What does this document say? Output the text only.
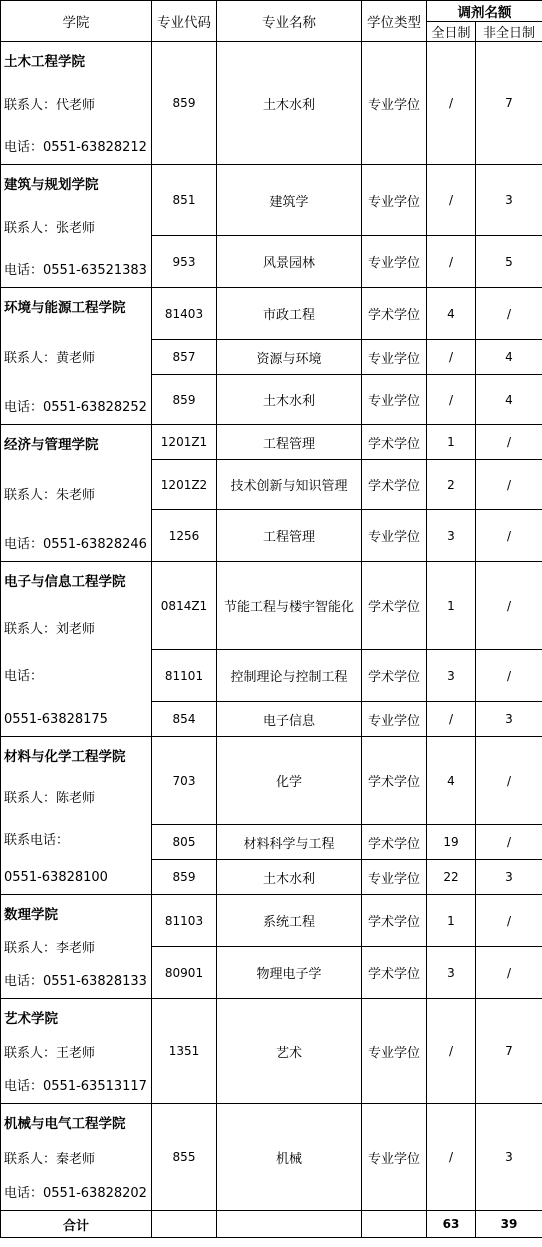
学院	专业代码	专业名称	学位类型	调剂名额	
				全日制	非全日制

土木工程学院
联系人：代老师
电话：0551-63828212	859	土木水利	专业学位	/	7

建筑与规划学院
联系人：张老师
电话：0551-63521383	851	建筑学	专业学位	/	3
	953	风景园林	专业学位	/	5

环境与能源工程学院
联系人：黄老师
电话：0551-63828252	81403	市政工程	学术学位	4	/
	857	资源与环境	专业学位	/	4
	859	土木水利	专业学位	/	4

经济与管理学院
联系人：朱老师
电话：0551-63828246	1201Z1	工程管理	学术学位	1	/
	1201Z2	技术创新与知识管理	学术学位	2	/
	1256	工程管理	专业学位	3	/

电子与信息工程学院
联系人：刘老师
电话：
0551-63828175	0814Z1	节能工程与楼宇智能化	学术学位	1	/
	81101	控制理论与控制工程	学术学位	3	/
	854	电子信息	专业学位	/	3

材料与化学工程学院
联系人：陈老师
联系电话：
0551-63828100	703	化学	学术学位	4	/
	805	材料科学与工程	学术学位	19	/
	859	土木水利	专业学位	22	3

数理学院
联系人：李老师
电话：0551-63828133	81103	系统工程	学术学位	1	/
	80901	物理电子学	学术学位	3	/

艺术学院
联系人：王老师
电话：0551-63513117	1351	艺术	专业学位	/	7

机械与电气工程学院
联系人：秦老师
电话：0551-63828202	855	机械	专业学位	/	3
合计				63	39
